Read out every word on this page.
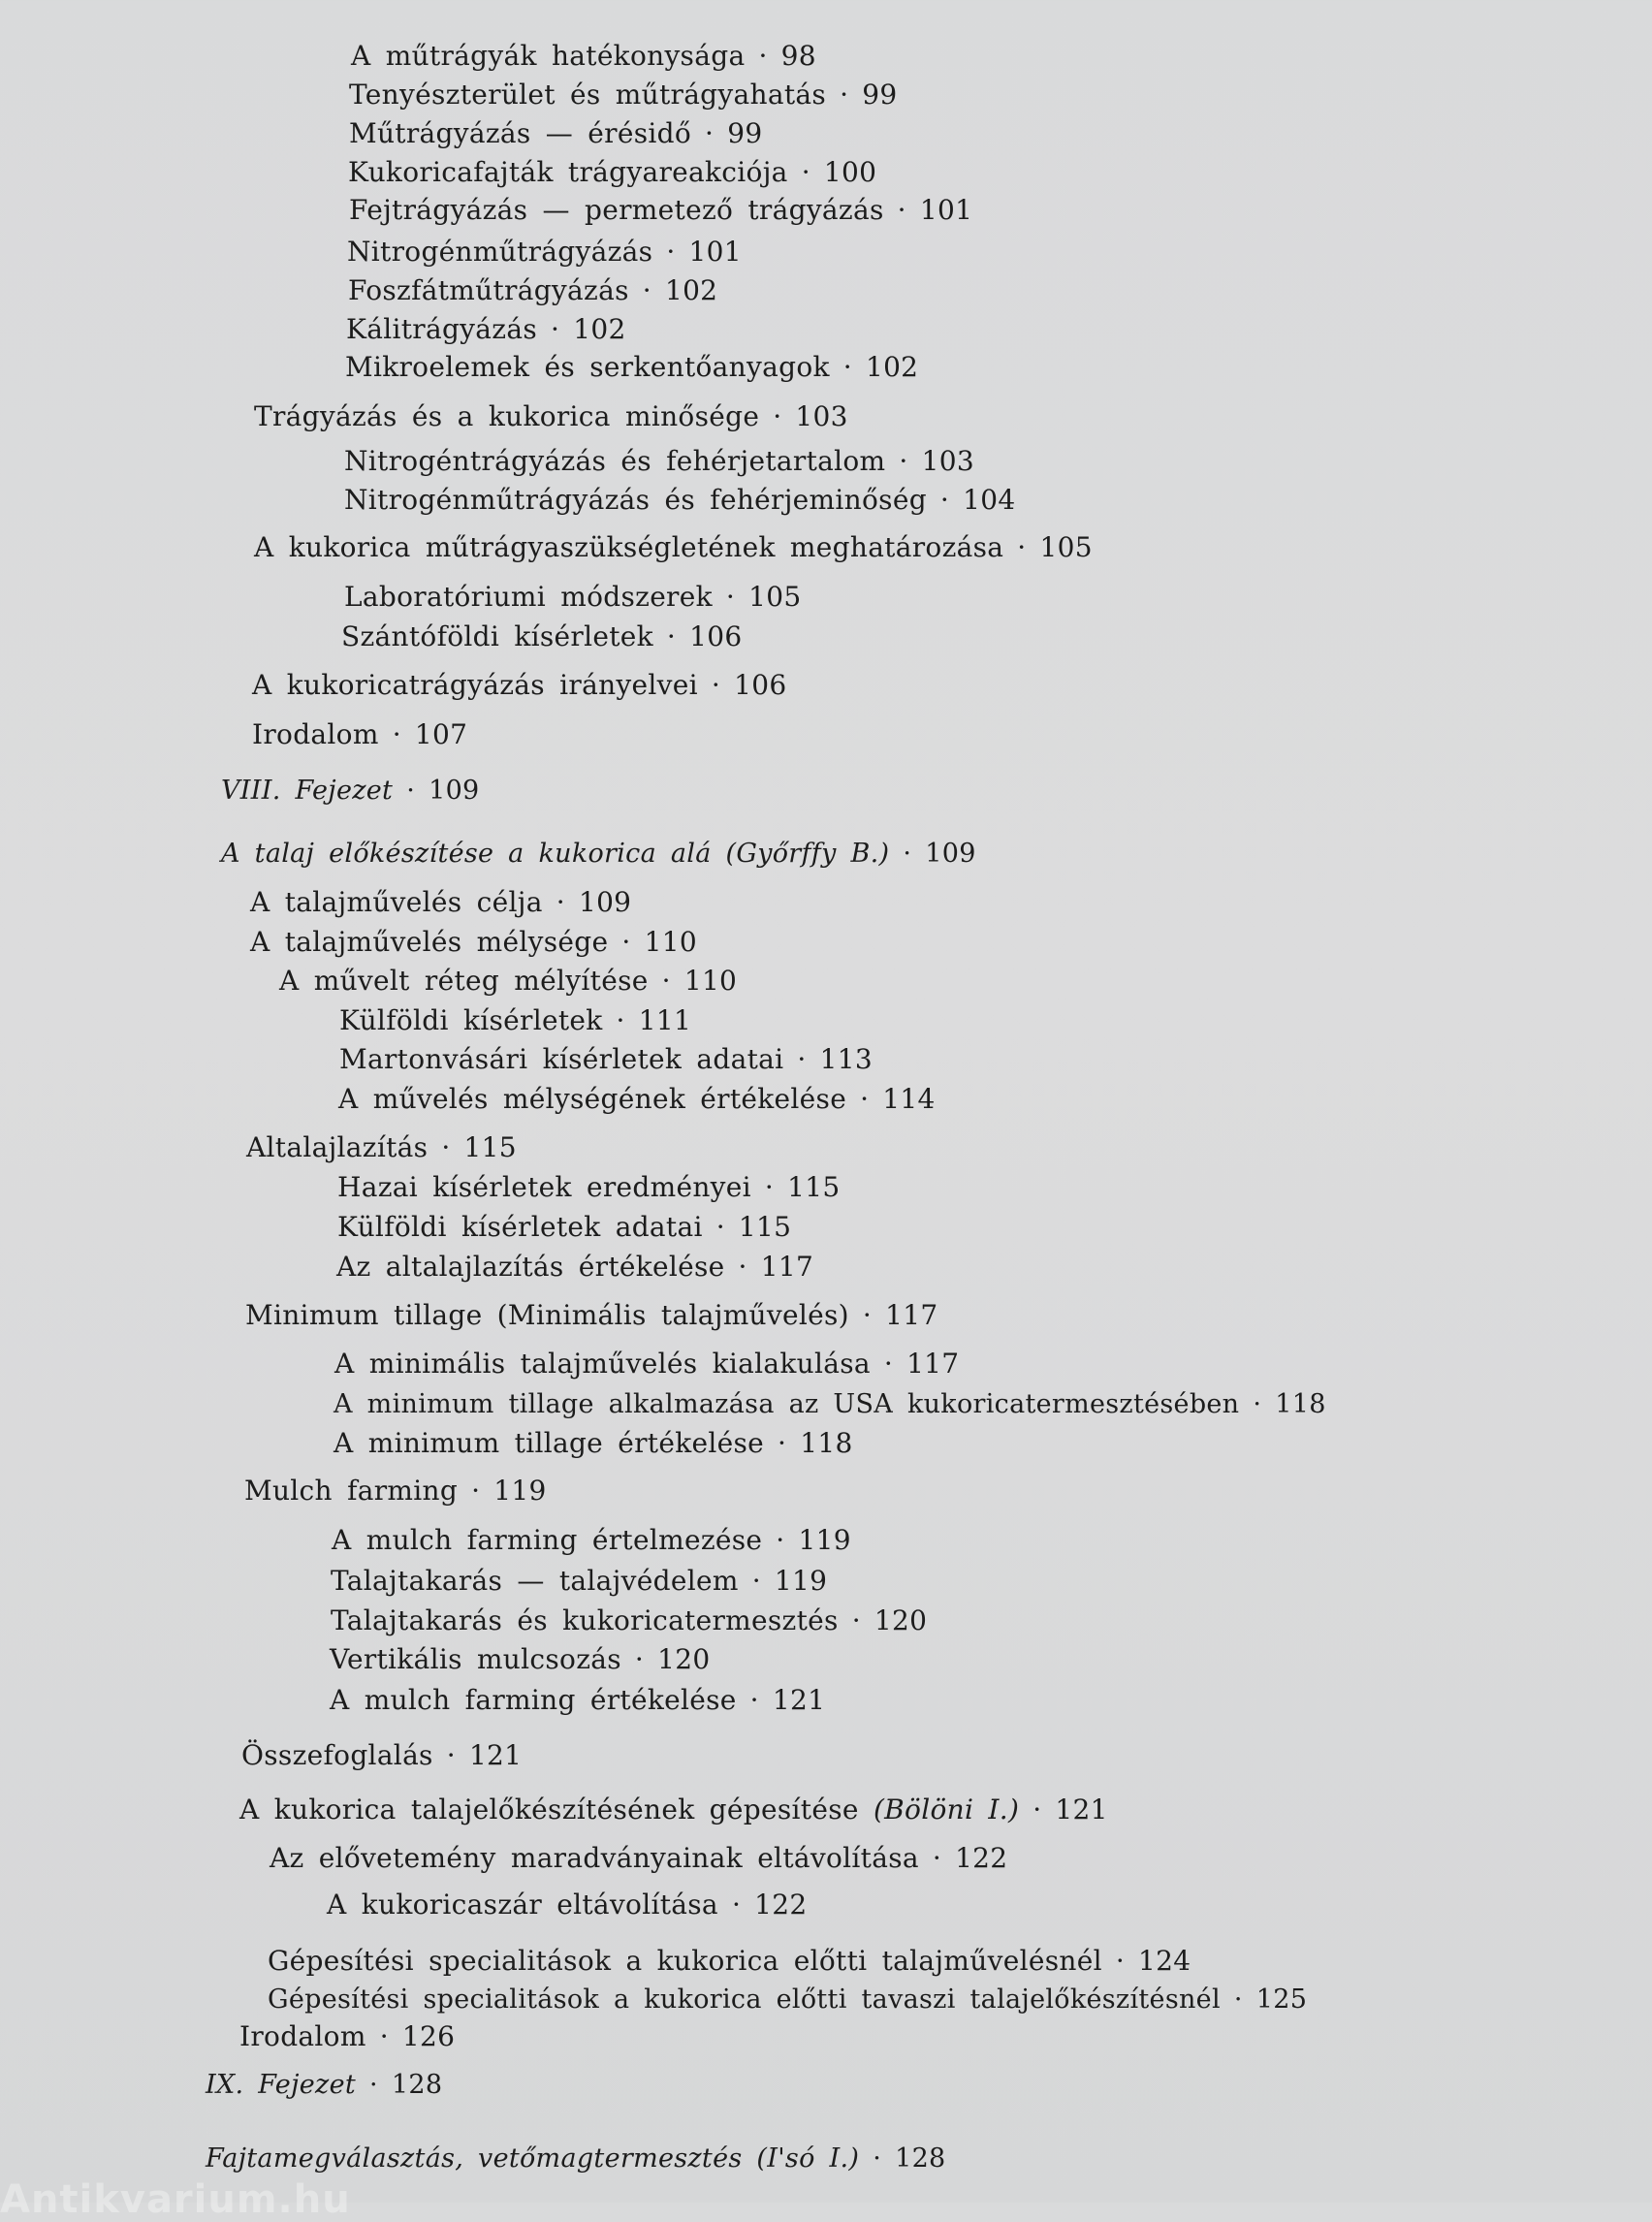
A műtrágyák hatékonysága · 98
Tenyészterület és műtrágyahatás · 99
Műtrágyázás — érésidő · 99
Kukoricafajták trágyareakciója · 100
Fejtrágyázás — permetező trágyázás · 101
Nitrogénműtrágyázás · 101
Foszfátműtrágyázás · 102
Kálitrágyázás · 102
Mikroelemek és serkentőanyagok · 102
Trágyázás és a kukorica minősége · 103
Nitrogéntrágyázás és fehérjetartalom · 103
Nitrogénműtrágyázás és fehérjeminőség · 104
A kukorica műtrágyaszükségletének meghatározása · 105
Laboratóriumi módszerek · 105
Szántóföldi kísérletek · 106
A kukoricatrágyázás irányelvei · 106
Irodalom · 107
VIII. Fejezet · 109
A talaj előkészítése a kukorica alá (Győrffy B.) · 109
A talajművelés célja · 109
A talajművelés mélysége · 110
A művelt réteg mélyítése · 110
Külföldi kísérletek · 111
Martonvásári kísérletek adatai · 113
A művelés mélységének értékelése · 114
Altalajlazítás · 115
Hazai kísérletek eredményei · 115
Külföldi kísérletek adatai · 115
Az altalajlazítás értékelése · 117
Minimum tillage (Minimális talajművelés) · 117
A minimális talajművelés kialakulása · 117
A minimum tillage alkalmazása az USA kukoricatermesztésében · 118
A minimum tillage értékelése · 118
Mulch farming · 119
A mulch farming értelmezése · 119
Talajtakarás — talajvédelem · 119
Talajtakarás és kukoricatermesztés · 120
Vertikális mulcsozás · 120
A mulch farming értékelése · 121
Összefoglalás · 121
A kukorica talajelőkészítésének gépesítése (Bölöni I.) · 121
Az elővetemény maradványainak eltávolítása · 122
A kukoricaszár eltávolítása · 122
Gépesítési specialitások a kukorica előtti talajművelésnél · 124
Gépesítési specialitások a kukorica előtti tavaszi talajelőkészítésnél · 125
Irodalom · 126
IX. Fejezet · 128
Fajtamegválasztás, vetőmagtermesztés (I'só I.) · 128
Antikvarium.hu
